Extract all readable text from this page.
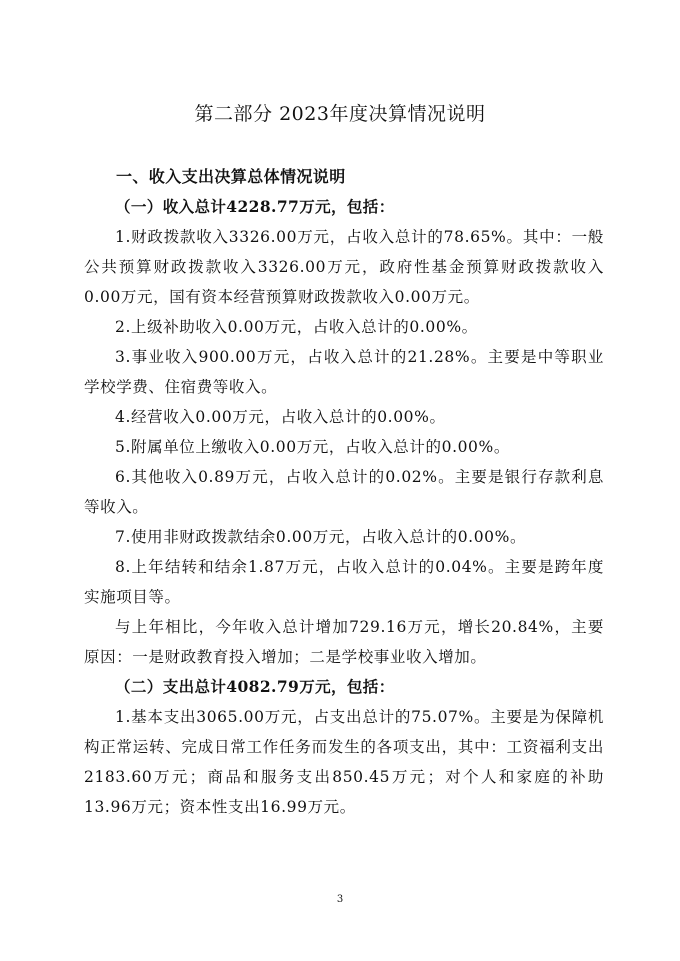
第二部分 2023年度决算情况说明

一、收入支出决算总体情况说明

（一）收入总计4228.77万元，包括：

1.财政拨款收入3326.00万元，占收入总计的78.65%。其中：一般公共预算财政拨款收入3326.00万元，政府性基金预算财政拨款收入0.00万元，国有资本经营预算财政拨款收入0.00万元。

2.上级补助收入0.00万元，占收入总计的0.00%。

3.事业收入900.00万元，占收入总计的21.28%。主要是中等职业学校学费、住宿费等收入。

4.经营收入0.00万元，占收入总计的0.00%。

5.附属单位上缴收入0.00万元，占收入总计的0.00%。

6.其他收入0.89万元，占收入总计的0.02%。主要是银行存款利息等收入。

7.使用非财政拨款结余0.00万元，占收入总计的0.00%。

8.上年结转和结余1.87万元，占收入总计的0.04%。主要是跨年度实施项目等。

与上年相比，今年收入总计增加729.16万元，增长20.84%，主要原因：一是财政教育投入增加；二是学校事业收入增加。

（二）支出总计4082.79万元，包括：

1.基本支出3065.00万元，占支出总计的75.07%。主要是为保障机构正常运转、完成日常工作任务而发生的各项支出，其中：工资福利支出2183.60万元；商品和服务支出850.45万元；对个人和家庭的补助13.96万元；资本性支出16.99万元。

3
